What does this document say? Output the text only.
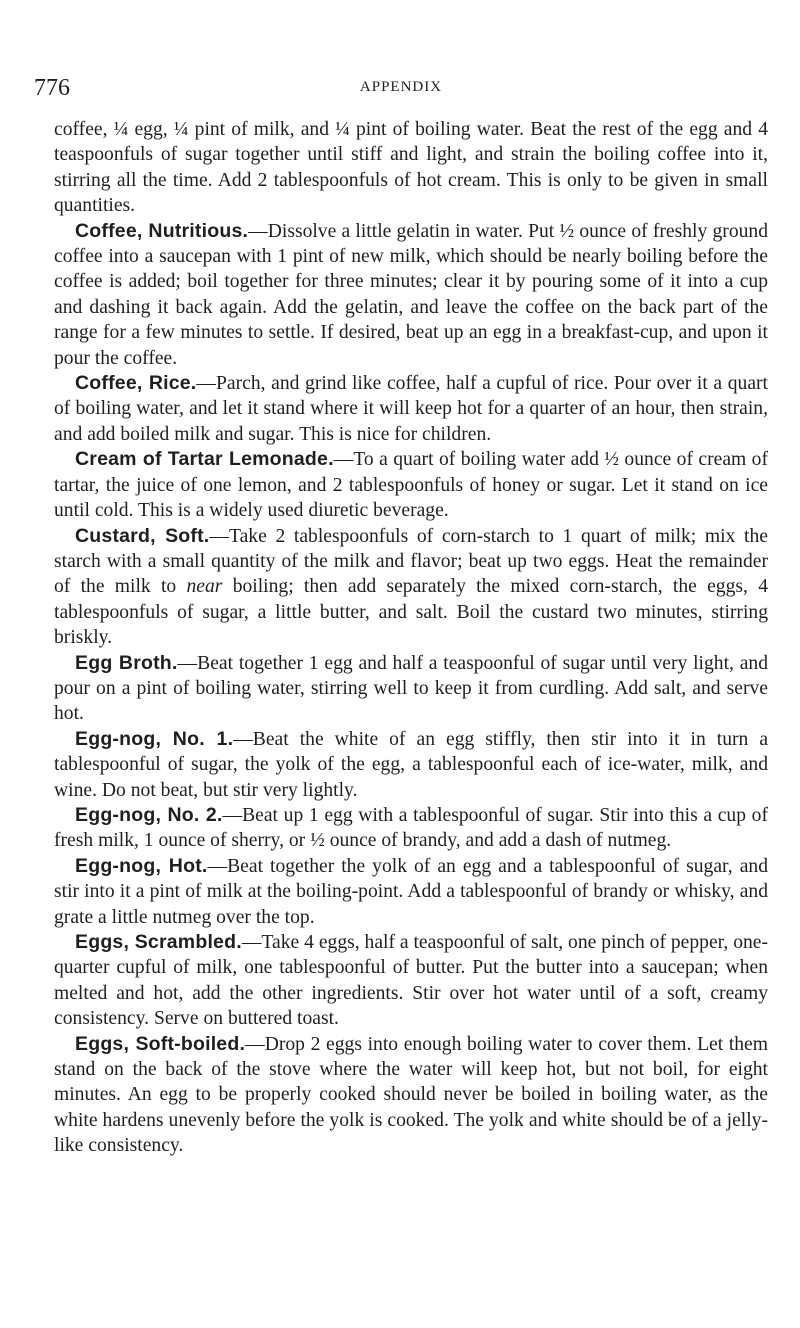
776	APPENDIX

coffee, ¼ egg, ¼ pint of milk, and ¼ pint of boiling water. Beat the rest of the egg and 4 teaspoonfuls of sugar together until stiff and light, and strain the boiling coffee into it, stirring all the time. Add 2 tablespoonfuls of hot cream. This is only to be given in small quantities.

Coffee, Nutritious.—Dissolve a little gelatin in water. Put ½ ounce of freshly ground coffee into a saucepan with 1 pint of new milk, which should be nearly boiling before the coffee is added; boil together for three minutes; clear it by pouring some of it into a cup and dashing it back again. Add the gelatin, and leave the coffee on the back part of the range for a few minutes to settle. If desired, beat up an egg in a breakfast-cup, and upon it pour the coffee.

Coffee, Rice.—Parch, and grind like coffee, half a cupful of rice. Pour over it a quart of boiling water, and let it stand where it will keep hot for a quarter of an hour, then strain, and add boiled milk and sugar. This is nice for children.

Cream of Tartar Lemonade.—To a quart of boiling water add ½ ounce of cream of tartar, the juice of one lemon, and 2 tablespoonfuls of honey or sugar. Let it stand on ice until cold. This is a widely used diuretic beverage.

Custard, Soft.—Take 2 tablespoonfuls of corn-starch to 1 quart of milk; mix the starch with a small quantity of the milk and flavor; beat up two eggs. Heat the remainder of the milk to near boiling; then add separately the mixed corn-starch, the eggs, 4 tablespoonfuls of sugar, a little butter, and salt. Boil the custard two minutes, stirring briskly.

Egg Broth.—Beat together 1 egg and half a teaspoonful of sugar until very light, and pour on a pint of boiling water, stirring well to keep it from curdling. Add salt, and serve hot.

Egg-nog, No. 1.—Beat the white of an egg stiffly, then stir into it in turn a tablespoonful of sugar, the yolk of the egg, a tablespoonful each of ice-water, milk, and wine. Do not beat, but stir very lightly.

Egg-nog, No. 2.—Beat up 1 egg with a tablespoonful of sugar. Stir into this a cup of fresh milk, 1 ounce of sherry, or ½ ounce of brandy, and add a dash of nutmeg.

Egg-nog, Hot.—Beat together the yolk of an egg and a tablespoonful of sugar, and stir into it a pint of milk at the boiling-point. Add a tablespoonful of brandy or whisky, and grate a little nutmeg over the top.

Eggs, Scrambled.—Take 4 eggs, half a teaspoonful of salt, one pinch of pepper, one-quarter cupful of milk, one tablespoonful of butter. Put the butter into a saucepan; when melted and hot, add the other ingredients. Stir over hot water until of a soft, creamy consistency. Serve on buttered toast.

Eggs, Soft-boiled.—Drop 2 eggs into enough boiling water to cover them. Let them stand on the back of the stove where the water will keep hot, but not boil, for eight minutes. An egg to be properly cooked should never be boiled in boiling water, as the white hardens unevenly before the yolk is cooked. The yolk and white should be of a jelly-like consistency.
